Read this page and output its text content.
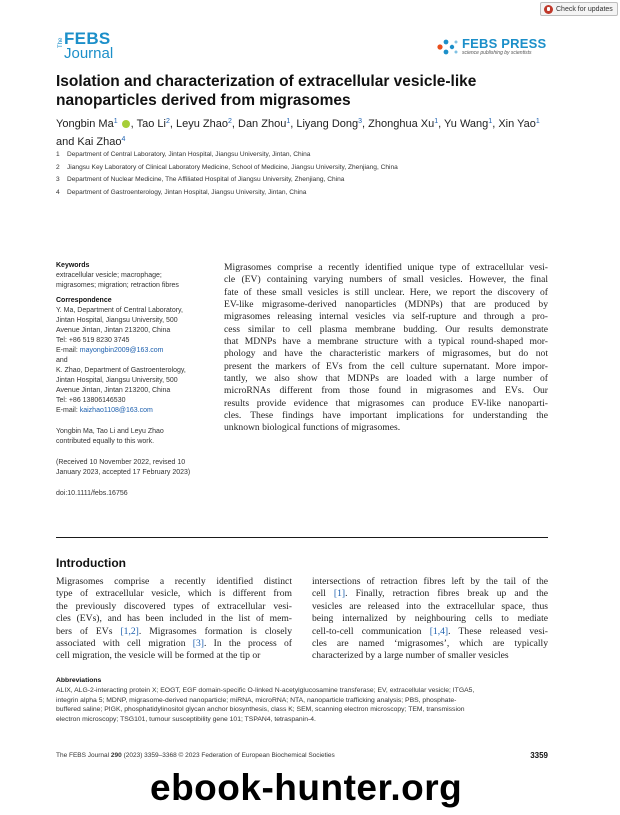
Check for updates
The FEBS
Journal
FEBS PRESS
science publishing by scientists
Isolation and characterization of extracellular vesicle-like nanoparticles derived from migrasomes
Yongbin Ma$^1$ , Tao Li$^2$, Leyu Zhao$^2$, Dan Zhou$^1$, Liyang Dong$^3$, Zhonghua Xu$^1$, Yu Wang$^1$, Xin Yao$^1$ and Kai Zhao$^4$
1 Department of Central Laboratory, Jintan Hospital, Jiangsu University, Jintan, China
2 Jiangsu Key Laboratory of Clinical Laboratory Medicine, School of Medicine, Jiangsu University, Zhenjiang, China
3 Department of Nuclear Medicine, The Affiliated Hospital of Jiangsu University, Zhenjiang, China
4 Department of Gastroenterology, Jintan Hospital, Jiangsu University, Jintan, China
Keywords
extracellular vesicle; macrophage;
migrasomes; migration; retraction fibres
Correspondence
Y. Ma, Department of Central Laboratory,
Jintan Hospital, Jiangsu University, 500
Avenue Jintan, Jintan 213200, China
Tel: +86 519 8230 3745
E-mail: mayongbin2009@163.com
and
K. Zhao, Department of Gastroenterology,
Jintan Hospital, Jiangsu University, 500
Avenue Jintan, Jintan 213200, China
Tel: +86 13806146530
E-mail: kaizhao1108@163.com
Yongbin Ma, Tao Li and Leyu Zhao
contributed equally to this work.
(Received 10 November 2022, revised 10
January 2023, accepted 17 February 2023)
doi:10.1111/febs.16756
Migrasomes comprise a recently identified unique type of extracellular vesi-
cle (EV) containing varying numbers of small vesicles. However, the final
fate of these small vesicles is still unclear. Here, we report the discovery of
EV-like migrasome-derived nanoparticles (MDNPs) that are produced by
migrasomes releasing internal vesicles via self-rupture and through a pro-
cess similar to cell plasma membrane budding. Our results demonstrate
that MDNPs have a membrane structure with a typical round-shaped mor-
phology and have the characteristic markers of migrasomes, but do not
present the markers of EVs from the cell culture supernatant. More impor-
tantly, we also show that MDNPs are loaded with a large number of
microRNAs different from those found in migrasomes and EVs. Our
results provide evidence that migrasomes can produce EV-like nanoparti-
cles. These findings have important implications for understanding the
unknown biological functions of migrasomes.
Introduction
Migrasomes comprise a recently identified distinct
type of extracellular vesicle, which is different from
the previously discovered types of extracellular vesi-
cles (EVs), and has been included in the list of mem-
bers of EVs [1,2]. Migrasomes formation is closely
associated with cell migration [3]. In the process of
cell migration, the vesicle will be formed at the tip or
intersections of retraction fibres left by the tail of the
cell [1]. Finally, retraction fibres break up and the
vesicles are released into the extracellular space, thus
being internalized by neighbouring cells to mediate
cell-to-cell communication [1,4]. These released vesi-
cles are named ‘migrasomes’, which are typically
characterized by a large number of smaller vesicles
Abbreviations
ALIX, ALG-2-interacting protein X; EOGT, EGF domain-specific O-linked N-acetylglucosamine transferase; EV, extracellular vesicle; ITGA5,
integrin alpha 5; MDNP, migrasome-derived nanoparticle; miRNA, microRNA; NTA, nanoparticle trafficking analysis; PBS, phosphate-
buffered saline; PIGK, phosphatidylinositol glycan anchor biosynthesis, class K; SEM, scanning electron microscopy; TEM, transmission
electron microscopy; TSG101, tumour susceptibility gene 101; TSPAN4, tetraspanin-4.
The FEBS Journal 290 (2023) 3359–3368 © 2023 Federation of European Biochemical Societies	3359
ebook-hunter.org
